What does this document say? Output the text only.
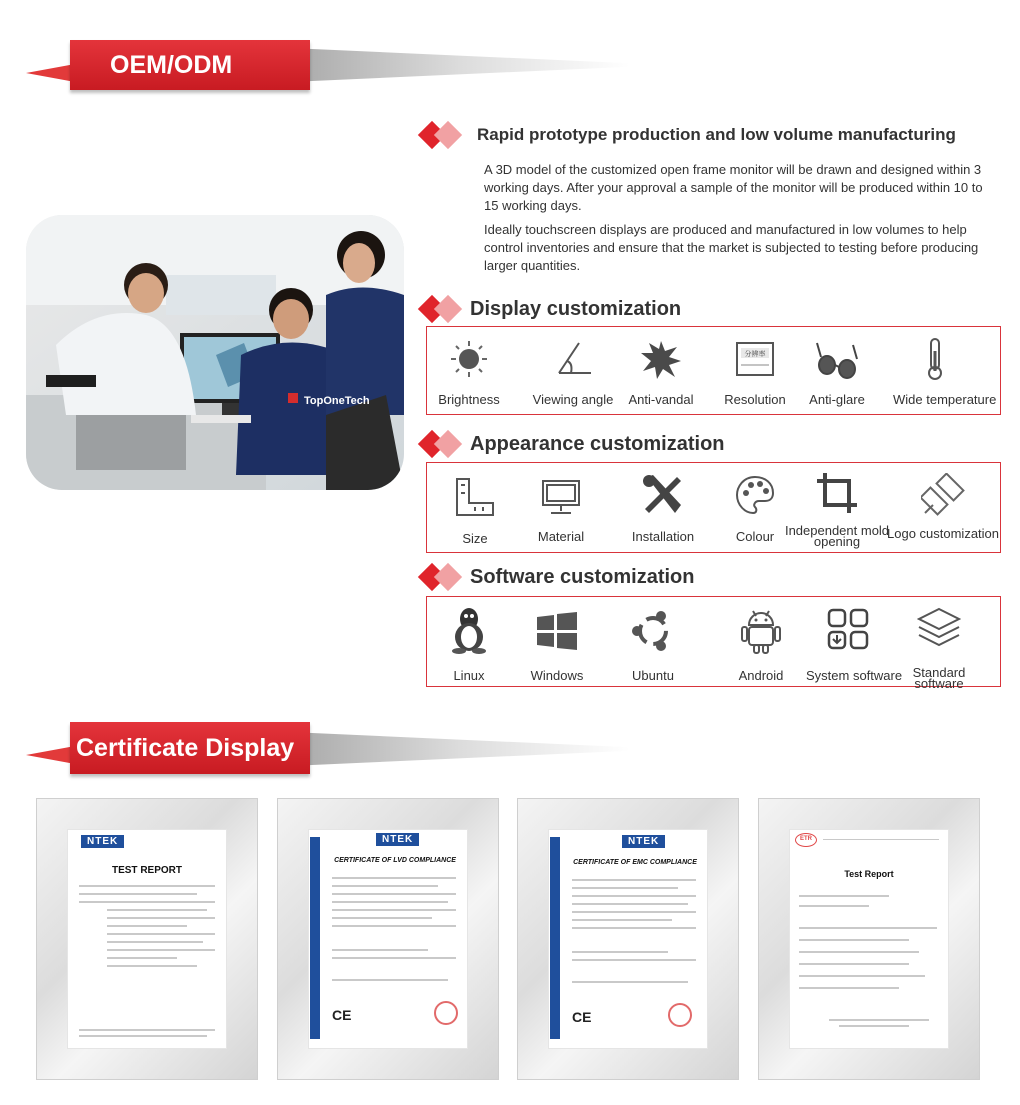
OEM/ODM
Rapid prototype production and low volume manufacturing
A 3D model of the customized open frame monitor will be drawn and designed within 3 working days. After your approval a sample of the monitor will be produced within 10 to 15 working days.
Ideally touchscreen displays are produced and manufactured in low volumes to help control inventories and ensure that the market is subjected to testing before producing larger quantities.
TopOneTech
Display customization
Brightness	Viewing angle	Anti-vandal
分辨率
Resolution	Anti-glare	Wide temperature
Appearance customization
Size	Material	Installation	Colour Independent mold opening
Logo customization
Software customization
Linux	Windows	Ubuntu	Android	System software Standard software
Certificate Display
NTEK
TEST REPORT
NTEK
CERTIFICATE OF LVD COMPLIANCE
CE
NTEK
CERTIFICATE OF EMC COMPLIANCE
CE
ETR
Test Report
